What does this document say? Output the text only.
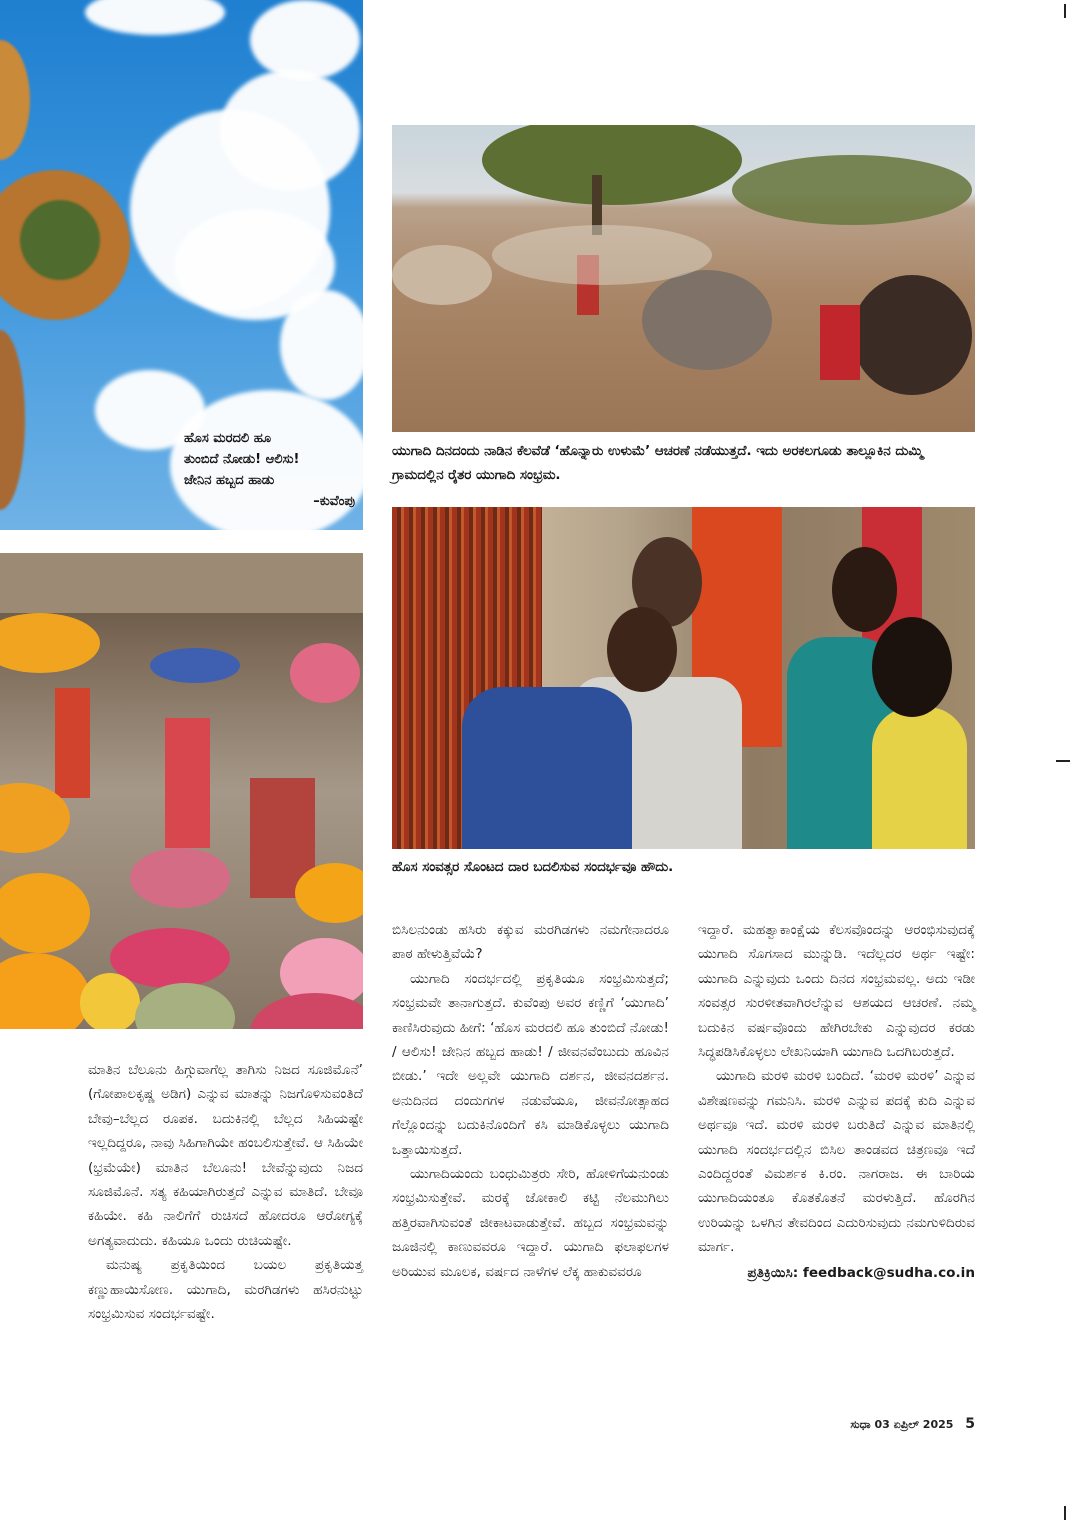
ಹೊಸ ಮರದಲಿ ಹೂ
ತುಂಬಿದೆ ನೋಡು! ಆಲಿಸು!
ಜೇನಿನ ಹಬ್ಬದ ಹಾಡು
–ಕುವೆಂಪು
ಯುಗಾದಿ ದಿನದಂದು ನಾಡಿನ ಕೆಲವೆಡೆ ‘ಹೊನ್ನಾರು ಉಳುಮೆ’ ಆಚರಣೆ ನಡೆಯುತ್ತದೆ. ಇದು ಅರಕಲಗೂಡು ತಾಲ್ಲೂಕಿನ ದುಮ್ಮಿ ಗ್ರಾಮದಲ್ಲಿನ ರೈತರ ಯುಗಾದಿ ಸಂಭ್ರಮ.
ಹೊಸ ಸಂವತ್ಸರ ಸೊಂಟದ ದಾರ ಬದಲಿಸುವ ಸಂದರ್ಭವೂ ಹೌದು.

ಮಾತಿನ ಬೆಲೂನು ಹಿಗ್ಗುವಾಗೆಲ್ಲ ತಾಗಿಸು ನಿಜದ ಸೂಜಿಮೊನೆ’ (ಗೋಪಾಲಕೃಷ್ಣ ಅಡಿಗ) ಎನ್ನುವ ಮಾತನ್ನು ನಿಜಗೊಳಿಸುವಂತಿದೆ ಬೇವು–ಬೆಲ್ಲದ ರೂಪಕ. ಬದುಕಿನಲ್ಲಿ ಬೆಲ್ಲದ ಸಿಹಿಯಷ್ಟೇ ಇಲ್ಲದಿದ್ದರೂ, ನಾವು ಸಿಹಿಗಾಗಿಯೇ ಹಂಬಲಿಸುತ್ತೇವೆ. ಆ ಸಿಹಿಯೇ (ಭ್ರಮೆಯೇ) ಮಾತಿನ ಬೆಲೂನು! ಬೇವೆನ್ನುವುದು ನಿಜದ ಸೂಜಿಮೊನೆ. ಸತ್ಯ ಕಹಿಯಾಗಿರುತ್ತದೆ ಎನ್ನುವ ಮಾತಿದೆ. ಬೇವೂ ಕಹಿಯೇ. ಕಹಿ ನಾಲಿಗೆಗೆ ರುಚಿಸದೆ ಹೋದರೂ ಆರೋಗ್ಯಕ್ಕೆ ಅಗತ್ಯವಾದುದು. ಕಹಿಯೂ ಒಂದು ರುಚಿಯಷ್ಟೇ.

ಮನುಷ್ಯ ಪ್ರಕೃತಿಯಿಂದ ಬಯಲ ಪ್ರಕೃತಿಯತ್ತ ಕಣ್ಣುಹಾಯಿಸೋಣ. ಯುಗಾದಿ, ಮರಗಿಡಗಳು ಹಸಿರನುಟ್ಟು ಸಂಭ್ರಮಿಸುವ ಸಂದರ್ಭವಷ್ಟೇ.

ಬಿಸಿಲನುಂಡು ಹಸಿರು ಕಕ್ಕುವ ಮರಗಿಡಗಳು ನಮಗೇನಾದರೂ ಪಾಠ ಹೇಳುತ್ತಿವೆಯೆ?

ಯುಗಾದಿ ಸಂದರ್ಭದಲ್ಲಿ ಪ್ರಕೃತಿಯೂ ಸಂಭ್ರಮಿಸುತ್ತದೆ; ಸಂಭ್ರಮವೇ ತಾನಾಗುತ್ತದೆ. ಕುವೆಂಪು ಅವರ ಕಣ್ಣಿಗೆ ‘ಯುಗಾದಿ’ ಕಾಣಿಸಿರುವುದು ಹೀಗೆ: ‘ಹೊಸ ಮರದಲಿ ಹೂ ತುಂಬಿದೆ ನೋಡು! / ಆಲಿಸು! ಜೇನಿನ ಹಬ್ಬದ ಹಾಡು! / ಜೀವನವೆಂಬುದು ಹೂವಿನ ಬೀಡು.’ ಇದೇ ಅಲ್ಲವೇ ಯುಗಾದಿ ದರ್ಶನ, ಜೀವನದರ್ಶನ. ಅನುದಿನದ ದಂದುಗಗಳ ನಡುವೆಯೂ, ಜೀವನೋತ್ಸಾಹದ ಗೆಲ್ಲೊಂದನ್ನು ಬದುಕಿನೊಂದಿಗೆ ಕಸಿ ಮಾಡಿಕೊಳ್ಳಲು ಯುಗಾದಿ ಒತ್ತಾಯಿಸುತ್ತದೆ.

ಯುಗಾದಿಯಂದು ಬಂಧುಮಿತ್ರರು ಸೇರಿ, ಹೋಳಿಗೆಯನುಂಡು ಸಂಭ್ರಮಿಸುತ್ತೇವೆ. ಮರಕ್ಕೆ ಜೋಕಾಲಿ ಕಟ್ಟಿ ನೆಲಮುಗಿಲು ಹತ್ತಿರವಾಗಿಸುವಂತೆ ಜೀಕಾಟವಾಡುತ್ತೇವೆ. ಹಬ್ಬದ ಸಂಭ್ರಮವನ್ನು ಜೂಜಿನಲ್ಲಿ ಕಾಣುವವರೂ ಇದ್ದಾರೆ. ಯುಗಾದಿ ಫಲಾಫಲಗಳ ಅರಿಯುವ ಮೂಲಕ, ವರ್ಷದ ನಾಳೆಗಳ ಲೆಕ್ಕ ಹಾಕುವವರೂ

ಇದ್ದಾರೆ. ಮಹತ್ವಾಕಾಂಕ್ಷೆಯ ಕೆಲಸವೊಂದನ್ನು ಆರಂಭಿಸುವುದಕ್ಕೆ ಯುಗಾದಿ ಸೊಗಸಾದ ಮುನ್ನುಡಿ. ಇದೆಲ್ಲದರ ಅರ್ಥ ಇಷ್ಟೇ: ಯುಗಾದಿ ಎನ್ನುವುದು ಒಂದು ದಿನದ ಸಂಭ್ರಮವಲ್ಲ. ಅದು ಇಡೀ ಸಂವತ್ಸರ ಸುರಳೀತವಾಗಿರಲೆನ್ನುವ ಆಶಯದ ಆಚರಣೆ. ನಮ್ಮ ಬದುಕಿನ ವರ್ಷವೊಂದು ಹೇಗಿರಬೇಕು ಎನ್ನುವುದರ ಕರಡು ಸಿದ್ಧಪಡಿಸಿಕೊಳ್ಳಲು ಲೇಖನಿಯಾಗಿ ಯುಗಾದಿ ಒದಗಿಬರುತ್ತದೆ.

ಯುಗಾದಿ ಮರಳಿ ಮರಳಿ ಬಂದಿದೆ. ‘ಮರಳಿ ಮರಳಿ’ ಎನ್ನುವ ವಿಶೇಷಣವನ್ನು ಗಮನಿಸಿ. ಮರಳಿ ಎನ್ನುವ ಪದಕ್ಕೆ ಕುದಿ ಎನ್ನುವ ಅರ್ಥವೂ ಇದೆ. ಮರಳಿ ಮರಳಿ ಬರುತಿದೆ ಎನ್ನುವ ಮಾತಿನಲ್ಲಿ ಯುಗಾದಿ ಸಂದರ್ಭದಲ್ಲಿನ ಬಿಸಿಲ ತಾಂಡವದ ಚಿತ್ರಣವೂ ಇದೆ ಎಂದಿದ್ದರಂತೆ ವಿಮರ್ಶಕ ಕಿ.ರಂ. ನಾಗರಾಜ. ಈ ಬಾರಿಯ ಯುಗಾದಿಯಂತೂ ಕೊತಕೊತನೆ ಮರಳುತ್ತಿದೆ. ಹೊರಗಿನ ಉರಿಯನ್ನು ಒಳಗಿನ ತೇವದಿಂದ ಎದುರಿಸುವುದು ನಮಗುಳಿದಿರುವ ಮಾರ್ಗ.

ಪ್ರತಿಕ್ರಿಯಿಸಿ: feedback@sudha.co.in
ಸುಧಾ 03 ಏಪ್ರಿಲ್ 2025 5
